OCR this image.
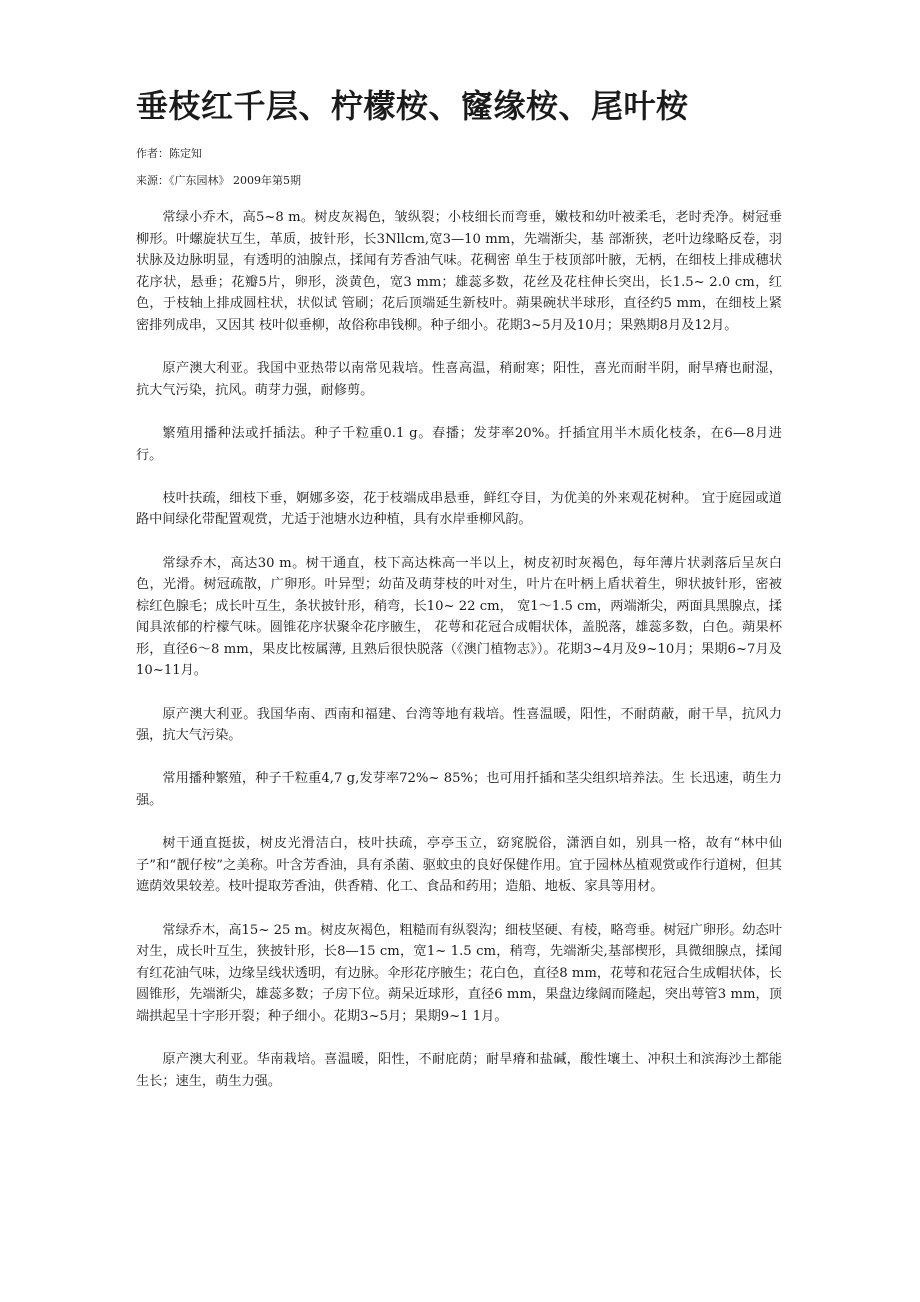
垂枝红千层、柠檬桉、窿缘桉、尾叶桉
作者：陈定知
来源：《广东园林》 2009年第5期

常绿小乔木，高5~8 m。树皮灰褐色，皱纵裂；小枝细长而弯垂，嫩枝和幼叶被柔毛，老时秃净。树冠垂柳形。叶螺旋状互生，革质，披针形，长3Nllcm,宽3—10 mm，先端渐尖，基 部渐狭，老叶边缘略反卷，羽状脉及边脉明显，有透明的油腺点，揉闻有芳香油气味。花稠密 单生于枝顶部叶腋，无柄，在细枝上排成穗状花序状，悬垂；花瓣5片，卵形，淡黄色，宽3 mm；雄蕊多数，花丝及花柱伸长突出，长1.5~ 2.0 cm，红色，于枝轴上排成圆柱状，状似试 管刷；花后顶端延生新枝叶。蒴果碗状半球形，直径约5 mm，在细枝上紧密排列成串，又因其 枝叶似垂柳，故俗称串钱柳。种子细小。花期3~5月及10月；果熟期8月及12月。

原产澳大利亚。我国中亚热带以南常见栽培。性喜高温，稍耐寒；阳性，喜光而耐半阴，耐旱瘠也耐湿，抗大气污染，抗风。萌芽力强，耐修剪。

繁殖用播种法或扦插法。种子千粒重0.1 g。春播；发芽率20%。扦插宜用半木质化枝条，在6—8月进行。

枝叶扶疏，细枝下垂，婀娜多姿，花于枝端成串悬垂，鲜红夺目，为优美的外来观花树种。 宜于庭园或道路中间绿化带配置观赏，尤适于池塘水边种植，具有水岸垂柳风韵。

常绿乔木，高达30 m。树干通直，枝下高达株高一半以上，树皮初时灰褐色，每年薄片状剥落后呈灰白色，光滑。树冠疏散，广卵形。叶异型；幼苗及萌芽枝的叶对生，叶片在叶柄上盾状着生，卵状披针形，密被棕红色腺毛；成长叶互生，条状披针形，稍弯，长10~ 22 cm， 宽1～1.5 cm，两端渐尖，两面具黑腺点，揉闻具浓郁的柠檬气味。圆锥花序状聚伞花序腋生， 花萼和花冠合成帽状体，盖脱落，雄蕊多数，白色。蒴果杯形，直径6～8 mm，果皮比桉属薄, 且熟后很快脱落（《澳门植物志》）。花期3~4月及9~10月；果期6~7月及10~11月。

原产澳大利亚。我国华南、西南和福建、台湾等地有栽培。性喜温暖，阳性，不耐荫蔽，耐干旱，抗风力强，抗大气污染。

常用播种繁殖，种子千粒重4,7 g,发芽率72%~ 85%；也可用扦插和茎尖组织培养法。生 长迅速，萌生力强。

树干通直挺拔，树皮光滑洁白，枝叶扶疏，亭亭玉立，窈窕脱俗，潇洒自如，别具一格，故有“林中仙子”和“靓仔桉”之美称。叶含芳香油，具有杀菌、驱蚊虫的良好保健作用。宜于园林丛植观赏或作行道树，但其遮荫效果较差。枝叶提取芳香油，供香精、化工、食品和药用；造船、地板、家具等用材。

常绿乔木，高15~ 25 m。树皮灰褐色，粗糙而有纵裂沟；细枝坚硬、有棱，略弯垂。树冠广卵形。幼态叶对生，成长叶互生，狭披针形，长8—15 cm，宽1~ 1.5 cm，稍弯，先端渐尖,基部楔形，具微细腺点，揉闻有红花油气味，边缘呈线状透明，有边脉。伞形花序腋生；花白色，直径8 mm，花萼和花冠合生成帽状体，长圆锥形，先端渐尖，雄蕊多数；子房下位。蒴呆近球形，直径6 mm，果盘边缘阔而隆起，突出萼管3 mm，顶端拱起呈十字形开裂；种子细小。花期3~5月；果期9~1 1月。

原产澳大利亚。华南栽培。喜温暖，阳性，不耐庇荫；耐旱瘠和盐碱，酸性壤土、冲积土和滨海沙土都能生长；速生，萌生力强。
